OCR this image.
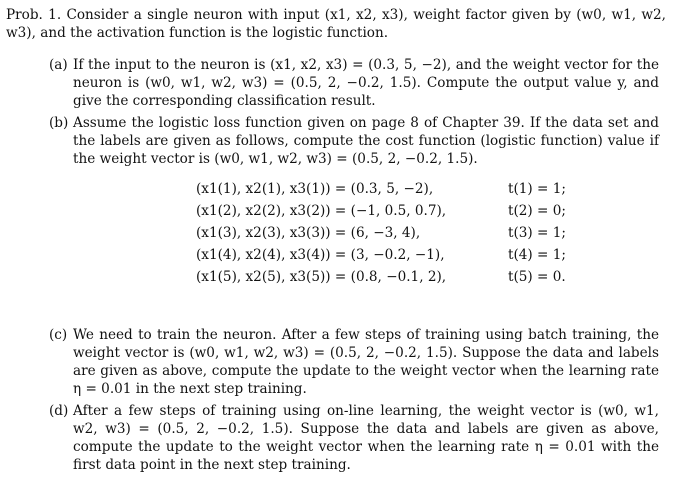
Prob. 1. Consider a single neuron with input (x1, x2, x3), weight factor given by (w0, w1, w2, w3), and the activation function is the logistic function.
(a) If the input to the neuron is (x1, x2, x3) = (0.3, 5, −2), and the weight vector for the neuron is (w0, w1, w2, w3) = (0.5, 2, −0.2, 1.5). Compute the output value y, and give the corresponding classification result.
(b) Assume the logistic loss function given on page 8 of Chapter 39. If the data set and the labels are given as follows, compute the cost function (logistic function) value if the weight vector is (w0, w1, w2, w3) = (0.5, 2, −0.2, 1.5).
(x1(1), x2(1), x3(1)) = (0.3, 5, −2),	t(1) = 1;
(x1(2), x2(2), x3(2)) = (−1, 0.5, 0.7),	t(2) = 0;
(x1(3), x2(3), x3(3)) = (6, −3, 4),	t(3) = 1;
(x1(4), x2(4), x3(4)) = (3, −0.2, −1),	t(4) = 1;
(x1(5), x2(5), x3(5)) = (0.8, −0.1, 2),	t(5) = 0.
(c) We need to train the neuron. After a few steps of training using batch training, the weight vector is (w0, w1, w2, w3) = (0.5, 2, −0.2, 1.5). Suppose the data and labels are given as above, compute the update to the weight vector when the learning rate η = 0.01 in the next step training.
(d) After a few steps of training using on-line learning, the weight vector is (w0, w1, w2, w3) = (0.5, 2, −0.2, 1.5). Suppose the data and labels are given as above, compute the update to the weight vector when the learning rate η = 0.01 with the first data point in the next step training.
